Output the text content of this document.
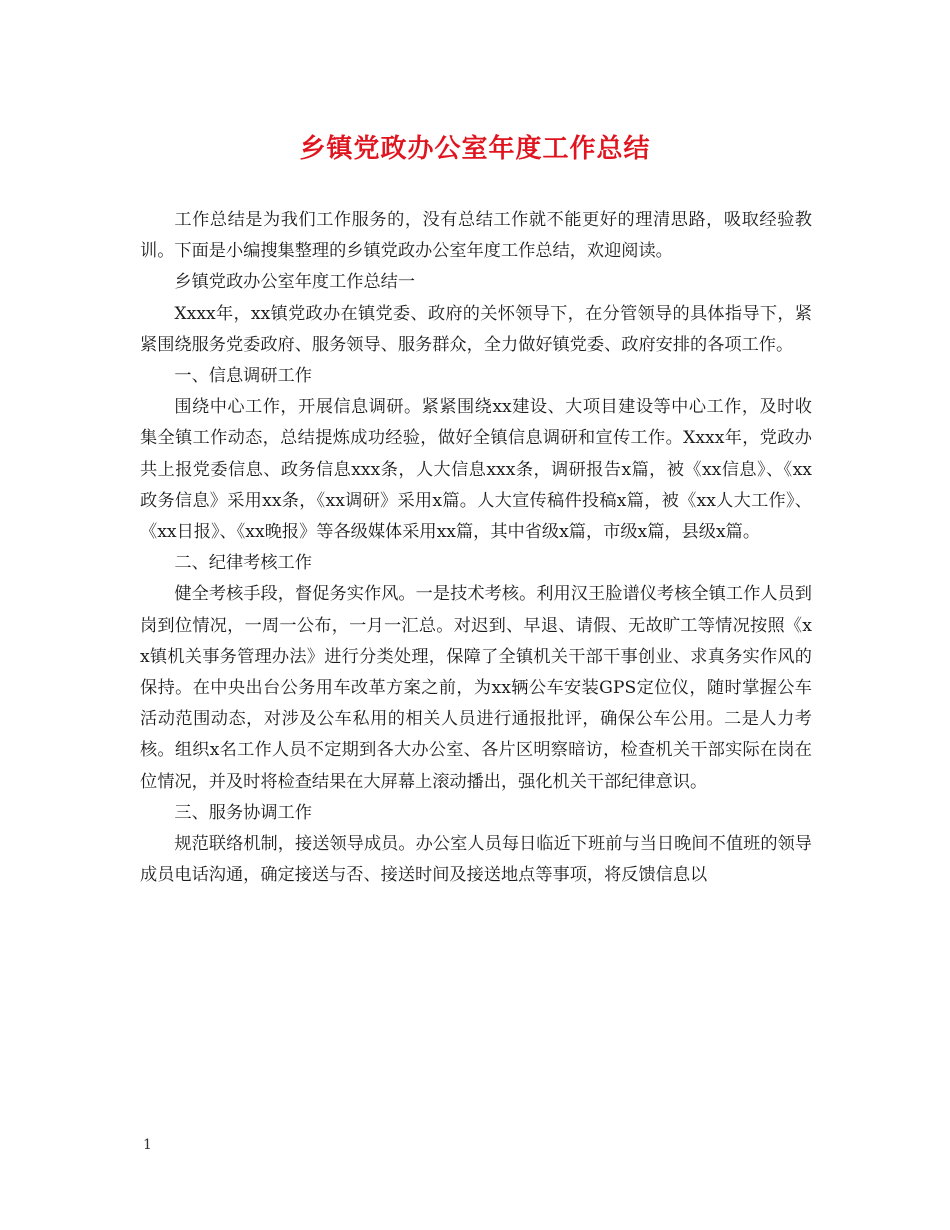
乡镇党政办公室年度工作总结

工作总结是为我们工作服务的，没有总结工作就不能更好的理清思路，吸取经验教训。下面是小编搜集整理的乡镇党政办公室年度工作总结，欢迎阅读。

乡镇党政办公室年度工作总结一

Xxxx年，xx镇党政办在镇党委、政府的关怀领导下，在分管领导的具体指导下，紧紧围绕服务党委政府、服务领导、服务群众，全力做好镇党委、政府安排的各项工作。

一、信息调研工作

围绕中心工作，开展信息调研。紧紧围绕xx建设、大项目建设等中心工作，及时收集全镇工作动态，总结提炼成功经验，做好全镇信息调研和宣传工作。Xxxx年，党政办共上报党委信息、政务信息xxx条，人大信息xxx条，调研报告x篇，被《xx信息》、《xx政务信息》采用xx条，《xx调研》采用x篇。人大宣传稿件投稿x篇，被《xx人大工作》、《xx日报》、《xx晚报》等各级媒体采用xx篇，其中省级x篇，市级x篇，县级x篇。

二、纪律考核工作

健全考核手段，督促务实作风。一是技术考核。利用汉王脸谱仪考核全镇工作人员到岗到位情况，一周一公布，一月一汇总。对迟到、早退、请假、无故旷工等情况按照《xx镇机关事务管理办法》进行分类处理，保障了全镇机关干部干事创业、求真务实作风的保持。在中央出台公务用车改革方案之前，为xx辆公车安装GPS定位仪，随时掌握公车活动范围动态，对涉及公车私用的相关人员进行通报批评，确保公车公用。二是人力考核。组织x名工作人员不定期到各大办公室、各片区明察暗访，检查机关干部实际在岗在位情况，并及时将检查结果在大屏幕上滚动播出，强化机关干部纪律意识。

三、服务协调工作

规范联络机制，接送领导成员。办公室人员每日临近下班前与当日晚间不值班的领导成员电话沟通，确定接送与否、接送时间及接送地点等事项，将反馈信息以

1
